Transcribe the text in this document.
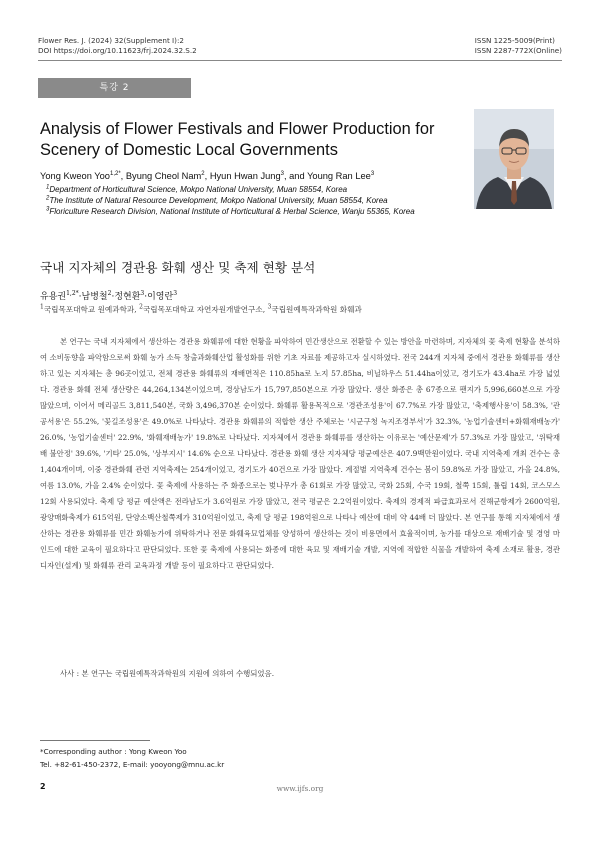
Flower Res. J. (2024) 32(Supplement Ⅰ):2
DOI https://doi.org/10.11623/frj.2024.32.S.2
ISSN 1225-5009(Print)
ISSN 2287-772X(Online)
특강 2
Analysis of Flower Festivals and Flower Production for Scenery of Domestic Local Governments
Yong Kweon Yoo$^{1,2*}$, Byung Cheol Nam$^2$, Hyun Hwan Jung$^3$, and Young Ran Lee$^3$

$^1$Department of Horticultural Science, Mokpo National University, Muan 58554, Korea

$^2$The Institute of Natural Resource Development, Mokpo National University, Muan 58554, Korea

$^3$Floriculture Research Division, National Institute of Horticultural & Herbal Science, Wanju 55365, Korea

국내 지자체의 경관용 화훼 생산 및 축제 현황 분석
유용권$^{1,2*}$·남병철$^2$·정현환$^3$·이영란$^3$
$^1$국립목포대학교 원예과학과, $^2$국립목포대학교 자연자원개발연구소, $^3$국립원예특작과학원 화훼과
본 연구는 국내 지자체에서 생산하는 경관용 화훼류에 대한 현황을 파악하여 민간생산으로 전환할 수 있는 방안을 마련하며, 지자체의 꽃 축제 현황을 분석하여 소비동향을 파악함으로써 화훼 농가 소득 창출과화훼산업 활성화를 위한 기초 자료를 제공하고자 실시하였다. 전국 244개 지자체 중에서 경관용 화훼류를 생산하고 있는 지자체는 총 96곳이었고, 전체 경관용 화훼류의 재배면적은 110.85ha로 노지 57.85ha, 비닐하우스 51.44ha이었고, 경기도가 43.4ha로 가장 넓었다. 경관용 화훼 전체 생산량은 44,264,134본이었으며, 경상남도가 15,797,850본으로 가장 많았다. 생산 화종은 총 67종으로 팬지가 5,996,660본으로 가장 많았으며, 이어서 메리골드 3,811,540본, 국화 3,496,370본 순이었다. 화훼류 활용목적으로 '경관조성용'이 67.7%로 가장 많았고, '축제행사용'이 58.3%, '관공서용'은 55.2%, '꽃길조성용'은 49.0%로 나타났다. 경관용 화훼류의 적합한 생산 주체로는 '시군구청 녹지조경부서'가 32.3%, '농업기술센터+화훼재배농가' 26.0%, '농업기술센터' 22.9%, '화훼재배농가' 19.8%로 나타났다. 지자체에서 경관용 화훼류를 생산하는 이유로는 '예산문제'가 57.3%로 가장 많았고, '위탁재배 불안정' 39.6%, '기타' 25.0%, '상부지시' 14.6% 순으로 나타났다. 경관용 화훼 생산 지자체당 평균예산은 407.9백만원이었다. 국내 지역축제 개최 건수는 총 1,404개이며, 이중 경관화훼 관련 지역축제는 254개이었고, 경기도가 40건으로 가장 많았다. 계절별 지역축제 건수는 봄이 59.8%로 가장 많았고, 가을 24.8%, 여름 13.0%, 가을 2.4% 순이었다. 꽃 축제에 사용하는 주 화종으로는 벚나무가 총 61회로 가장 많았고, 국화 25회, 수국 19회, 철쭉 15회, 튤립 14회, 코스모스 12회 사용되었다. 축제 당 평균 예산액은 전라남도가 3.6억원로 가장 많았고, 전국 평균은 2.2억원이었다. 축제의 경제적 파급효과로서 진해군항제가 2600억원, 광양매화축제가 615억원, 단양소백산철쭉제가 310억원이었고, 축제 당 평균 198억원으로 나타나 예산에 대비 약 44배 더 많았다. 본 연구를 통해 지자체에서 생산하는 경관용 화훼류를 민간 화훼농가에 위탁하거나 전문 화훼육묘업체를 양성하여 생산하는 것이 비용면에서 효율적이며, 농가를 대상으로 재배기술 및 경영 마인드에 대한 교육이 필요하다고 판단되었다. 또한 꽃 축제에 사용되는 화종에 대한 육묘 및 재배기술 개발, 지역에 적합한 식물을 개발하여 축제 소재로 활용, 경관 디자인(설계) 및 화훼류 관리 교육과정 개발 등이 필요하다고 판단되었다.
사사 : 본 연구는 국립원예특작과학원의 지원에 의하여 수행되었음.

*Corresponding author : Yong Kweon Yoo

Tel. +82-61-450-2372, E-mail: yooyong@mnu.ac.kr

2	www.ijfs.org
